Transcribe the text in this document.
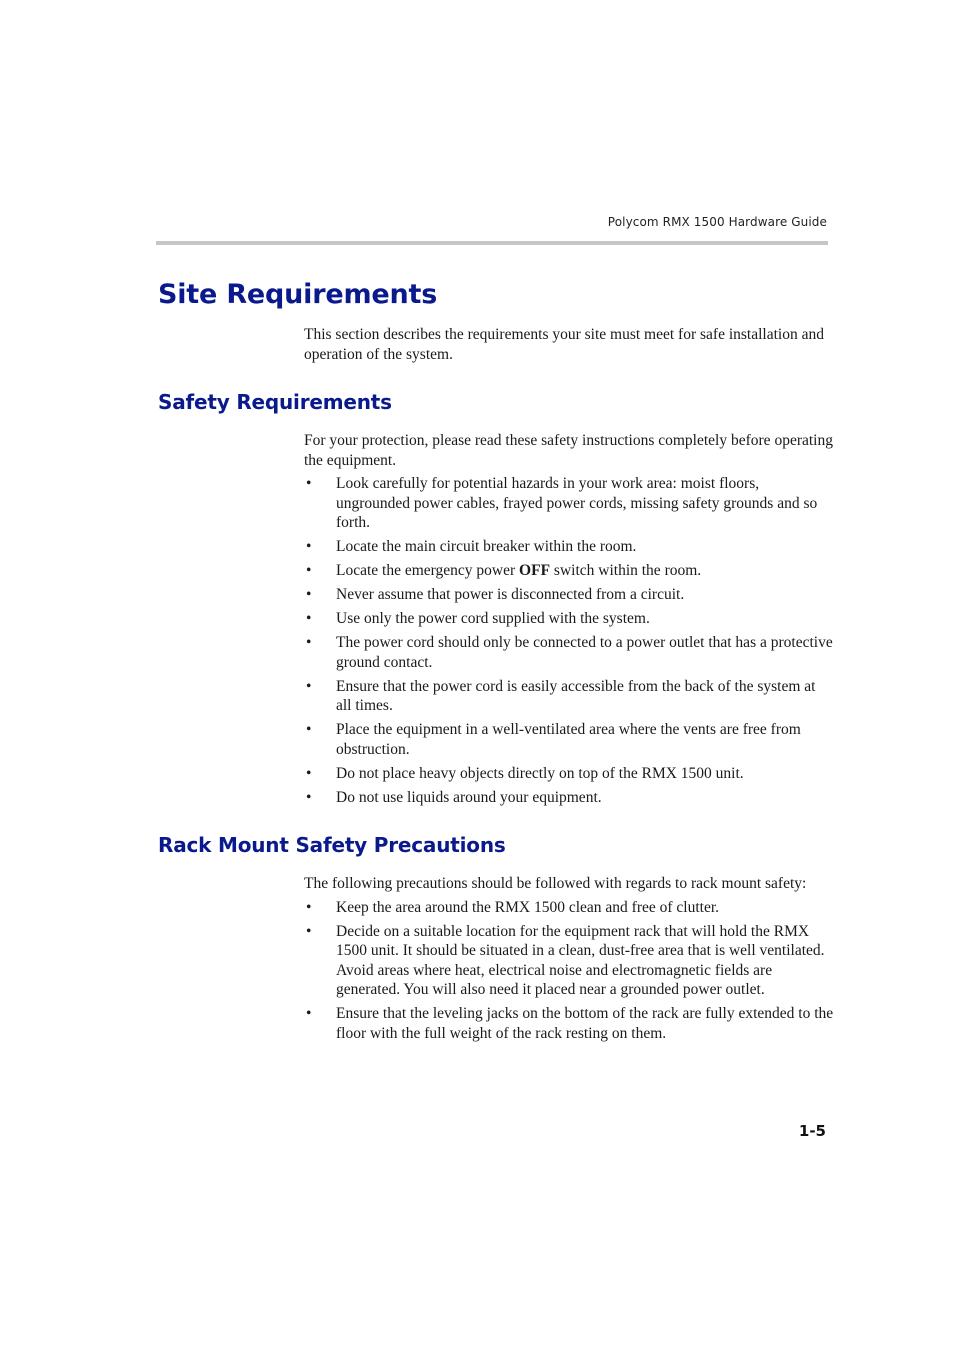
Polycom RMX 1500 Hardware Guide
Site Requirements

This section describes the requirements your site must meet for safe installation and operation of the system.

Safety Requirements

For your protection, please read these safety instructions completely before operating the equipment.

• Look carefully for potential hazards in your work area: moist floors, ungrounded power cables, frayed power cords, missing safety grounds and so forth.
• Locate the main circuit breaker within the room.
• Locate the emergency power OFF switch within the room.
• Never assume that power is disconnected from a circuit.
• Use only the power cord supplied with the system.
• The power cord should only be connected to a power outlet that has a protective ground contact.
• Ensure that the power cord is easily accessible from the back of the system at all times.
• Place the equipment in a well-ventilated area where the vents are free from obstruction.
• Do not place heavy objects directly on top of the RMX 1500 unit.
• Do not use liquids around your equipment.
Rack Mount Safety Precautions

The following precautions should be followed with regards to rack mount safety:

• Keep the area around the RMX 1500 clean and free of clutter.
• Decide on a suitable location for the equipment rack that will hold the RMX 1500 unit. It should be situated in a clean, dust-free area that is well ventilated. Avoid areas where heat, electrical noise and electromagnetic fields are generated. You will also need it placed near a grounded power outlet.
• Ensure that the leveling jacks on the bottom of the rack are fully extended to the floor with the full weight of the rack resting on them.
1-5
